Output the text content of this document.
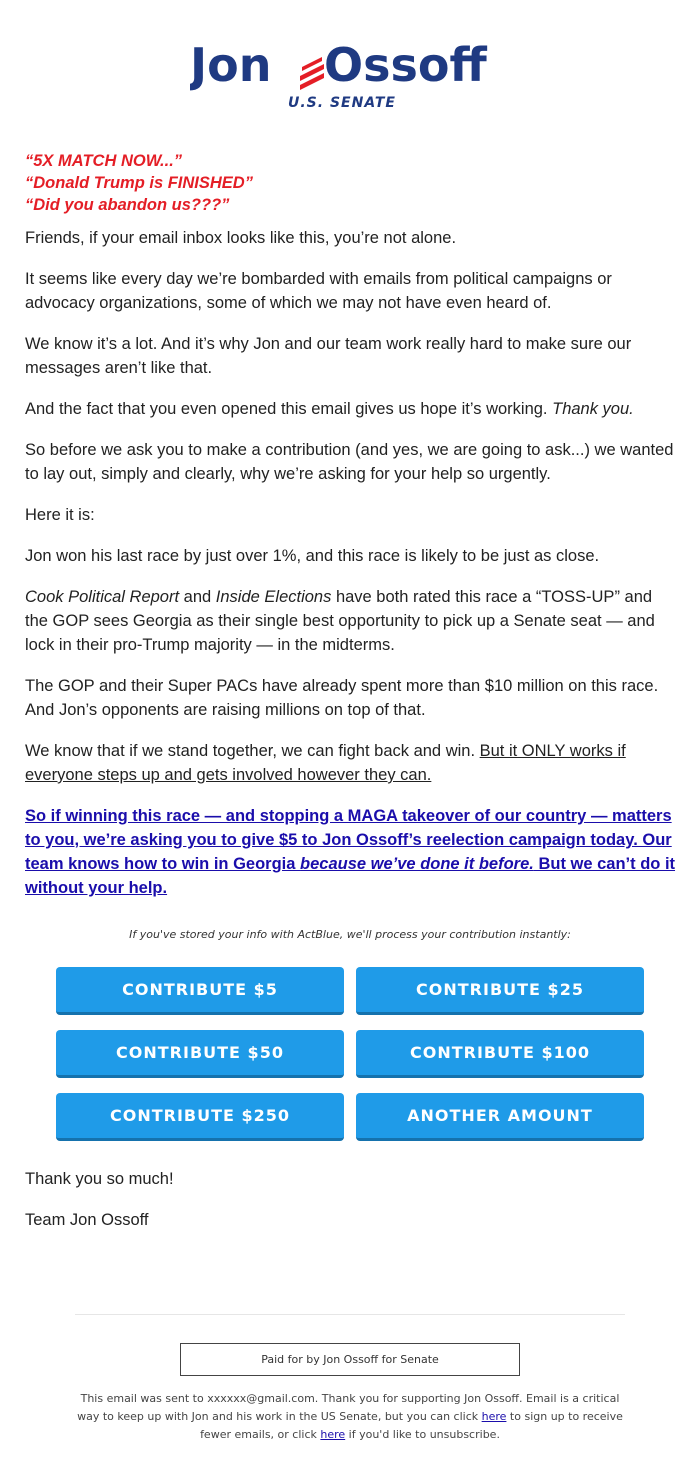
Jon Ossoff
U.S. SENATE
“5X MATCH NOW...”
“Donald Trump is FINISHED”
“Did you abandon us???”

Friends, if your email inbox looks like this, you’re not alone.

It seems like every day we’re bombarded with emails from political campaigns or advocacy organizations, some of which we may not have even heard of.

We know it’s a lot. And it’s why Jon and our team work really hard to make sure our messages aren’t like that.

And the fact that you even opened this email gives us hope it’s working. Thank you.

So before we ask you to make a contribution (and yes, we are going to ask...) we wanted to lay out, simply and clearly, why we’re asking for your help so urgently.

Here it is:

Jon won his last race by just over 1%, and this race is likely to be just as close.

Cook Political Report and Inside Elections have both rated this race a “TOSS-UP” and the GOP sees Georgia as their single best opportunity to pick up a Senate seat — and lock in their pro-Trump majority — in the midterms.

The GOP and their Super PACs have already spent more than $10 million on this race. And Jon’s opponents are raising millions on top of that.

We know that if we stand together, we can fight back and win. But it ONLY works if everyone steps up and gets involved however they can.

So if winning this race — and stopping a MAGA takeover of our country — matters to you, we’re asking you to give $5 to Jon Ossoff’s reelection campaign today. Our team knows how to win in Georgia because we’ve done it before. But we can’t do it without your help.
If you've stored your info with ActBlue, we'll process your contribution instantly:
CONTRIBUTE $5	CONTRIBUTE $25
CONTRIBUTE $50	CONTRIBUTE $100
CONTRIBUTE $250	ANOTHER AMOUNT

Thank you so much!

Team Jon Ossoff

Paid for by Jon Ossoff for Senate
This email was sent to xxxxxx@gmail.com. Thank you for supporting Jon Ossoff. Email is a critical way to keep up with Jon and his work in the US Senate, but you can click here to sign up to receive fewer emails, or click here if you'd like to unsubscribe.
